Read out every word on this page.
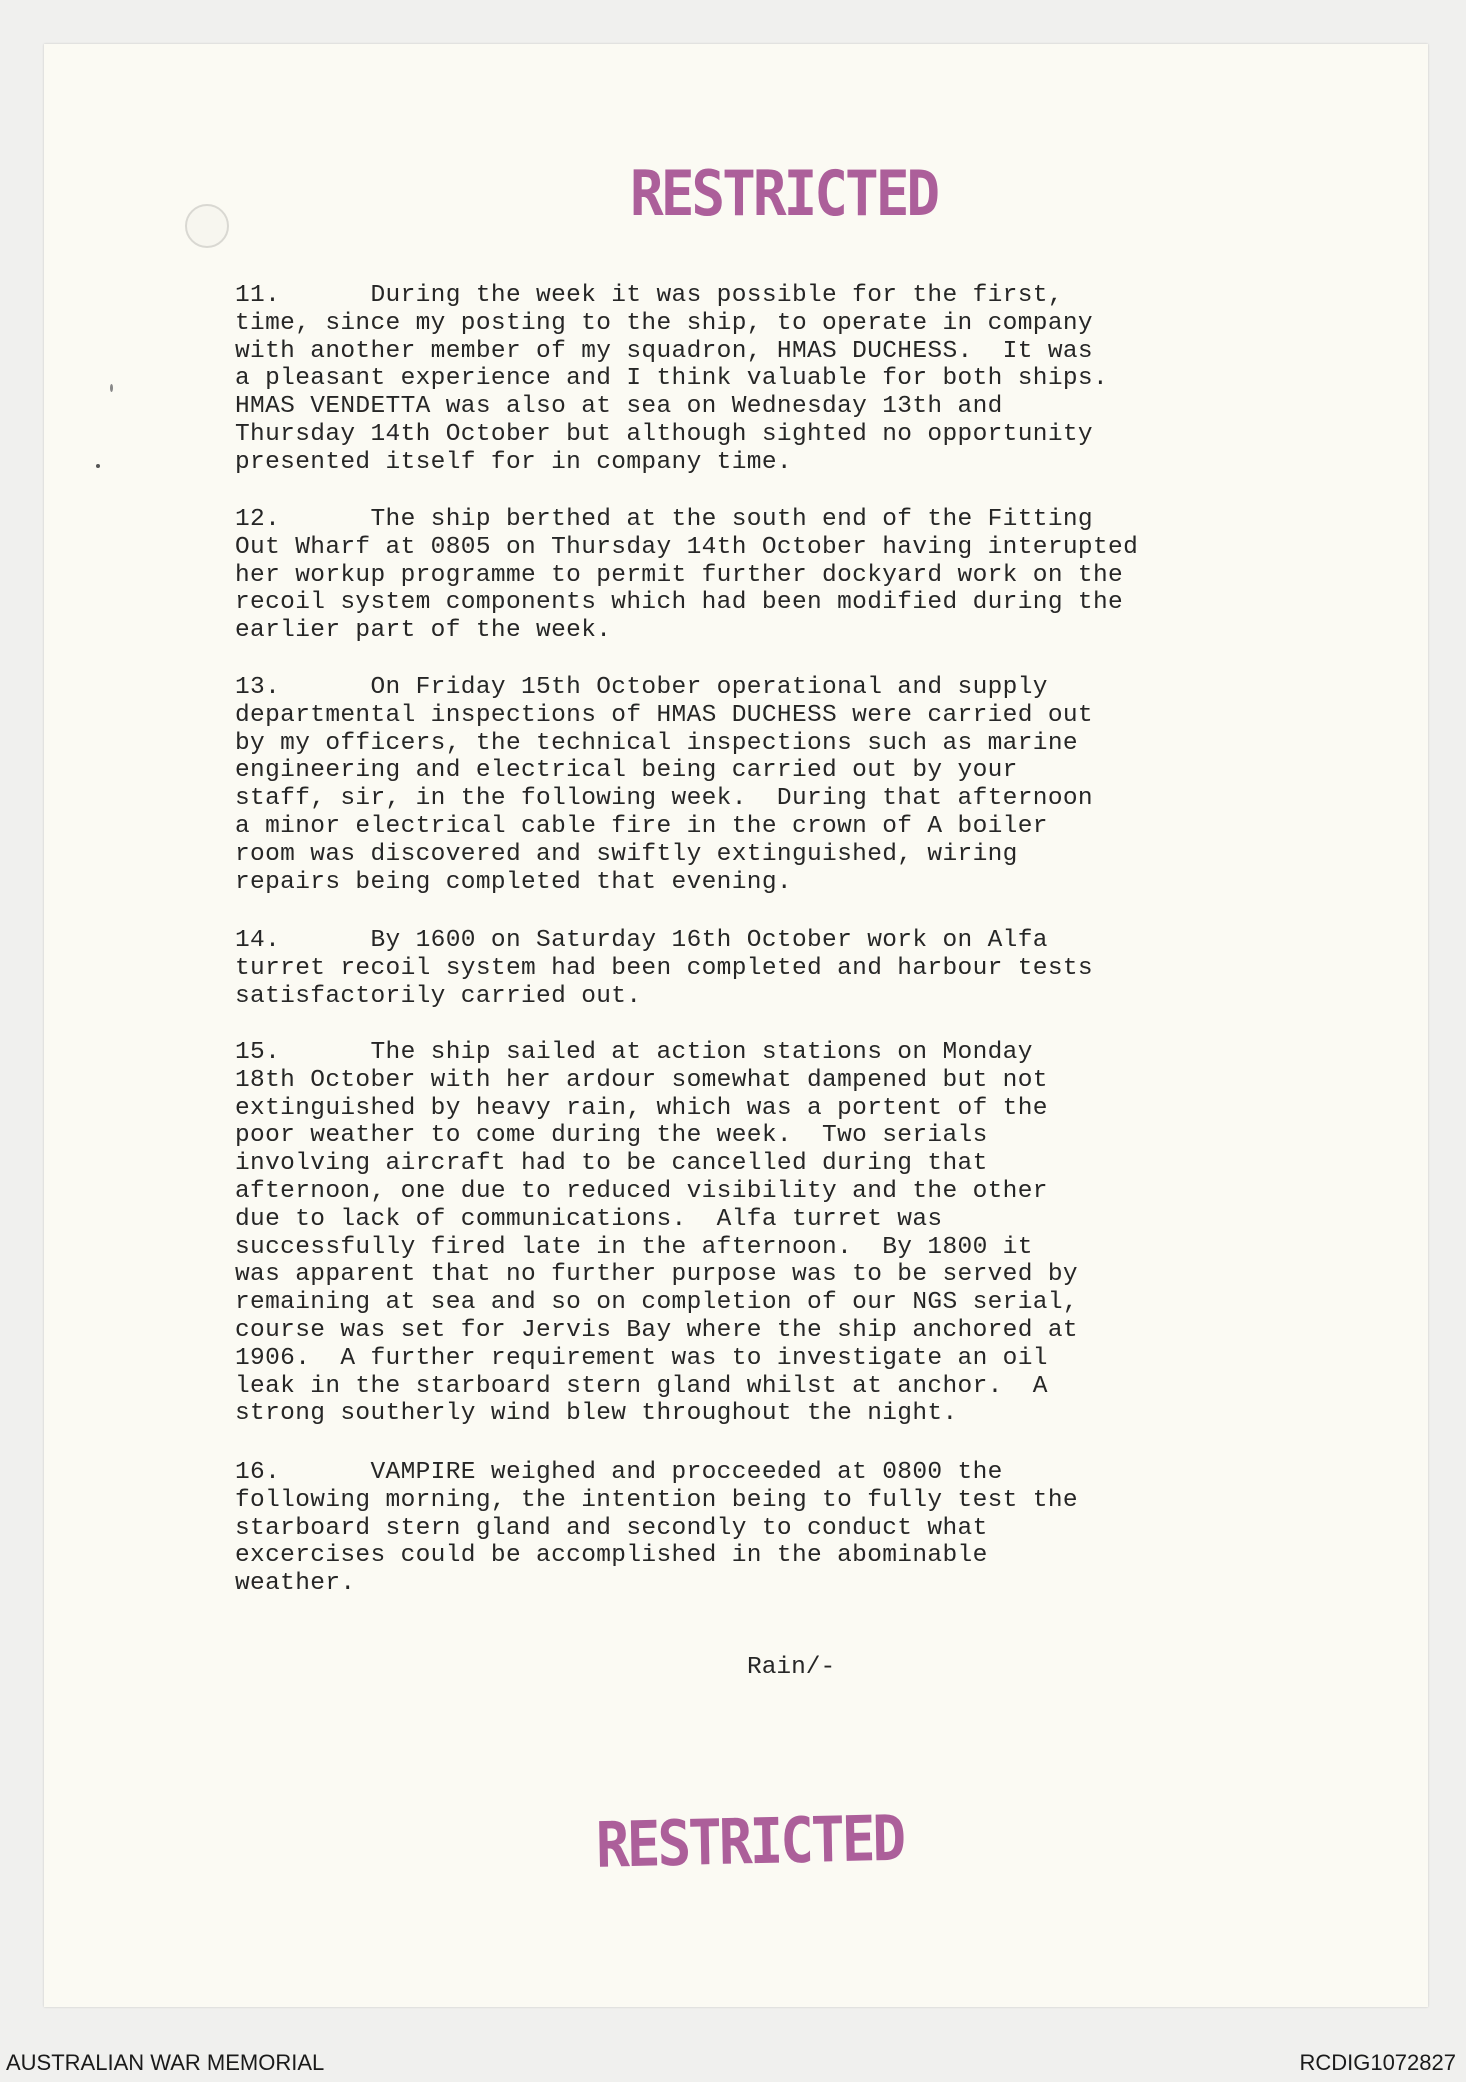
RESTRICTED
11.      During the week it was possible for the first,
time, since my posting to the ship, to operate in company
with another member of my squadron, HMAS DUCHESS.  It was
a pleasant experience and I think valuable for both ships.
HMAS VENDETTA was also at sea on Wednesday 13th and
Thursday 14th October but although sighted no opportunity
presented itself for in company time.
12.      The ship berthed at the south end of the Fitting
Out Wharf at 0805 on Thursday 14th October having interupted
her workup programme to permit further dockyard work on the
recoil system components which had been modified during the
earlier part of the week.
13.      On Friday 15th October operational and supply
departmental inspections of HMAS DUCHESS were carried out
by my officers, the technical inspections such as marine
engineering and electrical being carried out by your
staff, sir, in the following week.  During that afternoon
a minor electrical cable fire in the crown of A boiler
room was discovered and swiftly extinguished, wiring
repairs being completed that evening.
14.      By 1600 on Saturday 16th October work on Alfa
turret recoil system had been completed and harbour tests
satisfactorily carried out.
15.      The ship sailed at action stations on Monday
18th October with her ardour somewhat dampened but not
extinguished by heavy rain, which was a portent of the
poor weather to come during the week.  Two serials
involving aircraft had to be cancelled during that
afternoon, one due to reduced visibility and the other
due to lack of communications.  Alfa turret was
successfully fired late in the afternoon.  By 1800 it
was apparent that no further purpose was to be served by
remaining at sea and so on completion of our NGS serial,
course was set for Jervis Bay where the ship anchored at
1906.  A further requirement was to investigate an oil
leak in the starboard stern gland whilst at anchor.  A
strong southerly wind blew throughout the night.
16.      VAMPIRE weighed and procceeded at 0800 the
following morning, the intention being to fully test the
starboard stern gland and secondly to conduct what
excercises could be accomplished in the abominable
weather.
Rain/-
RESTRICTED
AUSTRALIAN WAR MEMORIAL	RCDIG1072827
